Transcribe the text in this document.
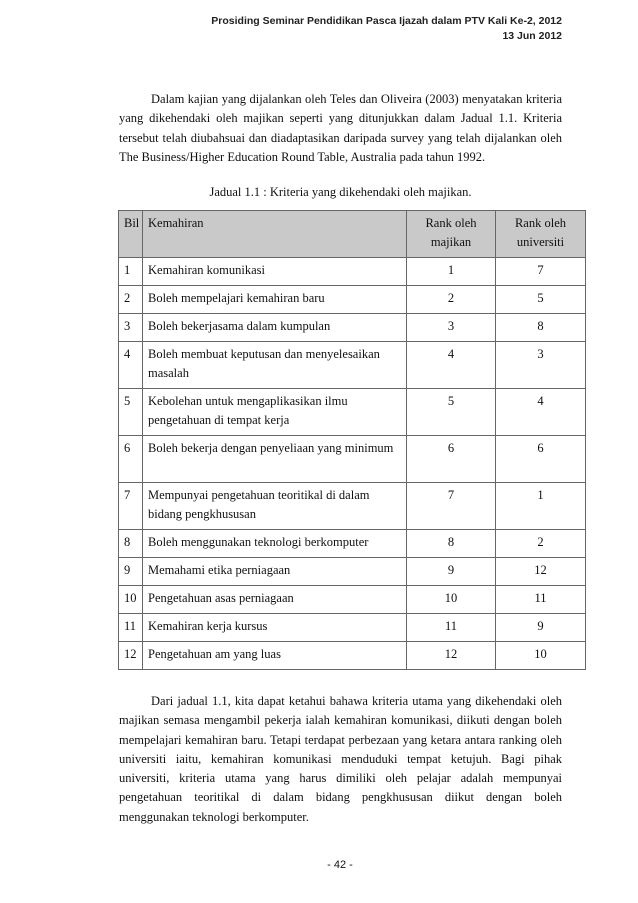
Prosiding Seminar Pendidikan Pasca Ijazah dalam PTV Kali Ke-2, 2012
13 Jun 2012

Dalam kajian yang dijalankan oleh Teles dan Oliveira (2003) menyatakan kriteria yang dikehendaki oleh majikan seperti yang ditunjukkan dalam Jadual 1.1. Kriteria tersebut telah diubahsuai dan diadaptasikan daripada survey yang telah dijalankan oleh The Business/Higher Education Round Table, Australia pada tahun 1992.

Jadual 1.1 : Kriteria yang dikehendaki oleh majikan.
Bil	Kemahiran	Rank oleh majikan	Rank oleh universiti
1	Kemahiran komunikasi	1	7
2	Boleh mempelajari kemahiran baru	2	5
3	Boleh bekerjasama dalam kumpulan	3	8
4	Boleh membuat keputusan dan menyelesaikan masalah	4	3
5	Kebolehan untuk mengaplikasikan ilmu pengetahuan di tempat kerja	5	4
6	Boleh bekerja dengan penyeliaan yang minimum	6	6
7	Mempunyai pengetahuan teoritikal di dalam bidang pengkhususan	7	1
8	Boleh menggunakan teknologi berkomputer	8	2
9	Memahami etika perniagaan	9	12
10	Pengetahuan asas perniagaan	10	11
11	Kemahiran kerja kursus	11	9
12	Pengetahuan am yang luas	12	10

Dari jadual 1.1, kita dapat ketahui bahawa kriteria utama yang dikehendaki oleh majikan semasa mengambil pekerja ialah kemahiran komunikasi, diikuti dengan boleh mempelajari kemahiran baru. Tetapi terdapat perbezaan yang ketara antara ranking oleh universiti iaitu, kemahiran komunikasi menduduki tempat ketujuh. Bagi pihak universiti, kriteria utama yang harus dimiliki oleh pelajar adalah mempunyai pengetahuan teoritikal di dalam bidang pengkhususan diikut dengan boleh menggunakan teknologi berkomputer.

- 42 -
